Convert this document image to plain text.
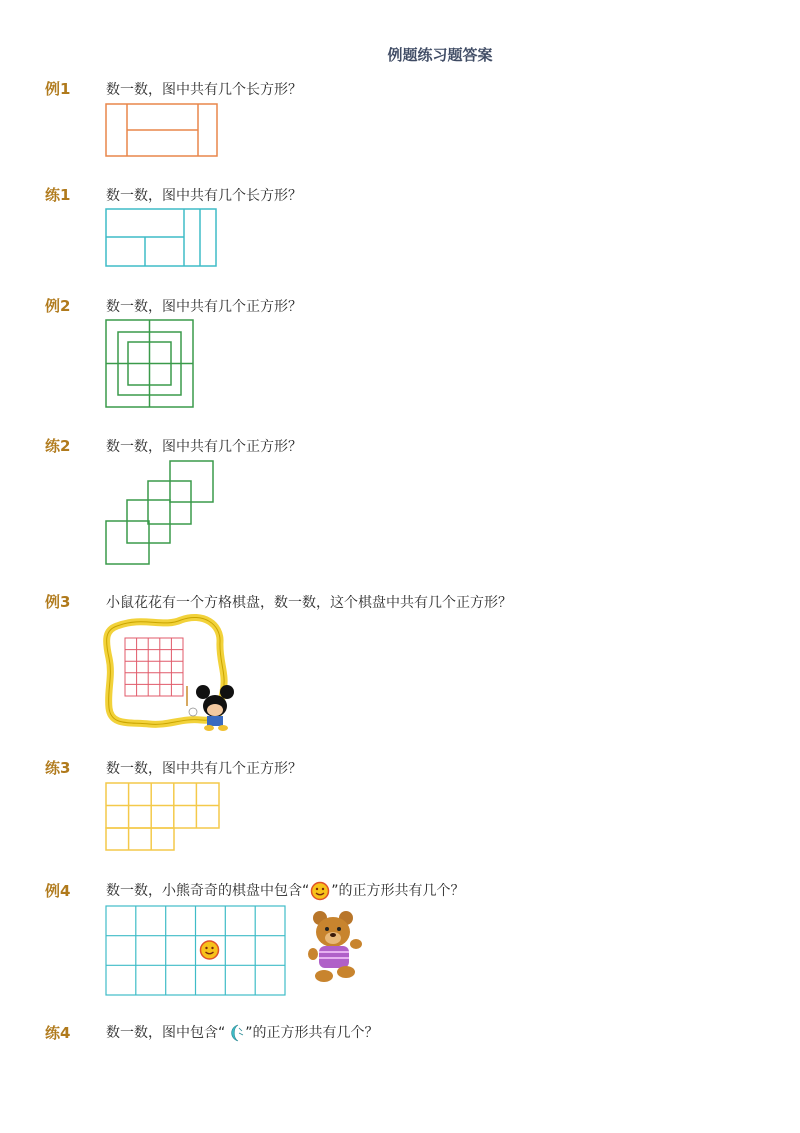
例题练习题答案
例1	数一数，图中共有几个长方形？
练1	数一数，图中共有几个长方形？
例2	数一数，图中共有几个正方形？
练2	数一数，图中共有几个正方形？
例3	小鼠花花有一个方格棋盘，数一数，这个棋盘中共有几个正方形？
练3	数一数，图中共有几个正方形？
例4	数一数，小熊奇奇的棋盘中包含“ ”的正方形共有几个？
练4	数一数，图中包含“ ”的正方形共有几个？
